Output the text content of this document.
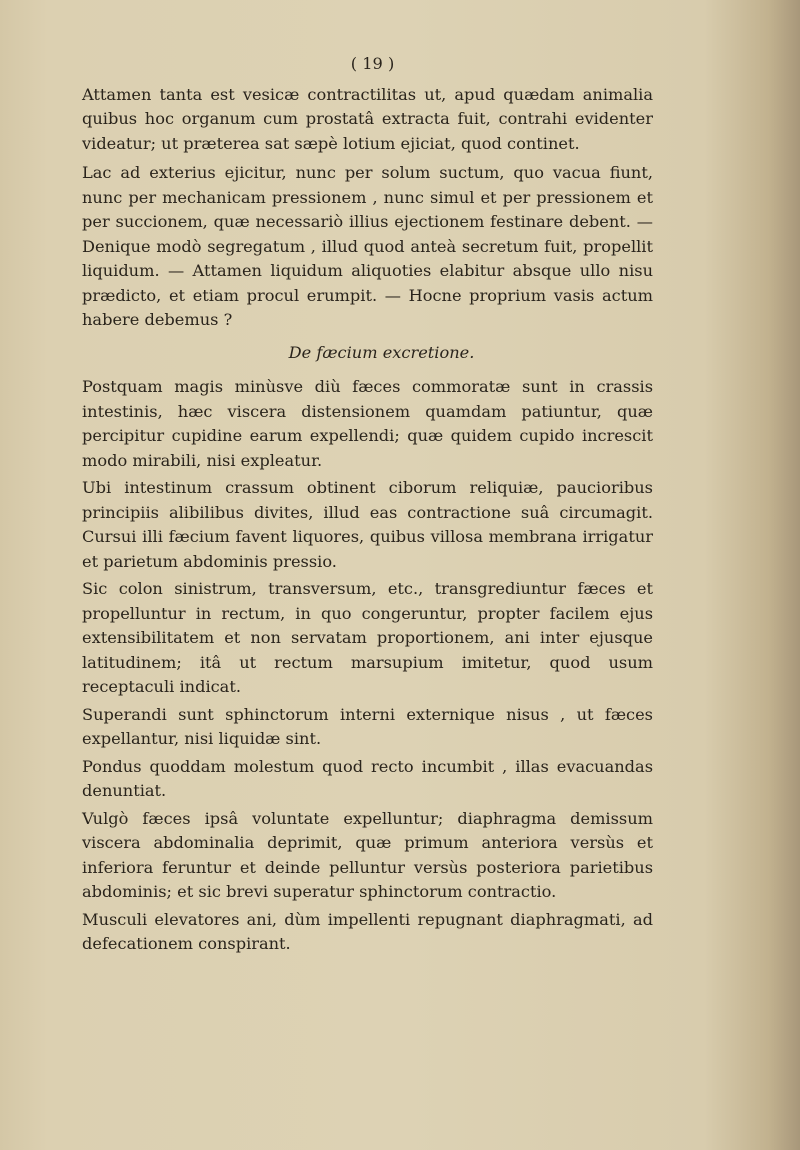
( 19 )

Attamen tanta est vesicæ contractilitas ut, apud quædam animalia quibus hoc organum cum prostatâ extracta fuit, contrahi evidenter videatur; ut præterea sat sæpè lotium ejiciat, quod continet.

Lac ad exterius ejicitur, nunc per solum suctum, quo vacua fiunt, nunc per mechanicam pressionem , nunc simul et per pressionem et per succionem, quæ necessariò illius ejectionem festinare debent. — Denique modò segregatum , illud quod anteà secretum fuit, propellit liquidum. — Attamen liquidum aliquoties elabitur absque ullo nisu prædicto, et etiam procul erumpit. — Hocne proprium vasis actum habere debemus ?

De fæcium excretione.

Postquam magis minùsve diù fæces commoratæ sunt in crassis intestinis, hæc viscera distensionem quamdam patiuntur, quæ percipitur cupidine earum expellendi; quæ quidem cupido increscit modo mirabili, nisi expleatur.

Ubi intestinum crassum obtinent ciborum reliquiæ, paucioribus principiis alibilibus divites, illud eas contractione suâ circumagit. Cursui illi fæcium favent liquores, quibus villosa membrana irrigatur et parietum abdominis pressio.

Sic colon sinistrum, transversum, etc., transgrediuntur fæces et propelluntur in rectum, in quo congeruntur, propter facilem ejus extensibilitatem et non servatam proportionem, ani inter ejusque latitudinem; itâ ut rectum marsupium imitetur, quod usum receptaculi indicat.

Superandi sunt sphinctorum interni externique nisus , ut fæces expellantur, nisi liquidæ sint.

Pondus quoddam molestum quod recto incumbit , illas evacuandas denuntiat.

Vulgò fæces ipsâ voluntate expelluntur; diaphragma demissum viscera abdominalia deprimit, quæ primum anteriora versùs et inferiora feruntur et deinde pelluntur versùs posteriora parietibus abdominis; et sic brevi superatur sphinctorum contractio.

Musculi elevatores ani, dùm impellenti repugnant diaphragmati, ad defecationem conspirant.
